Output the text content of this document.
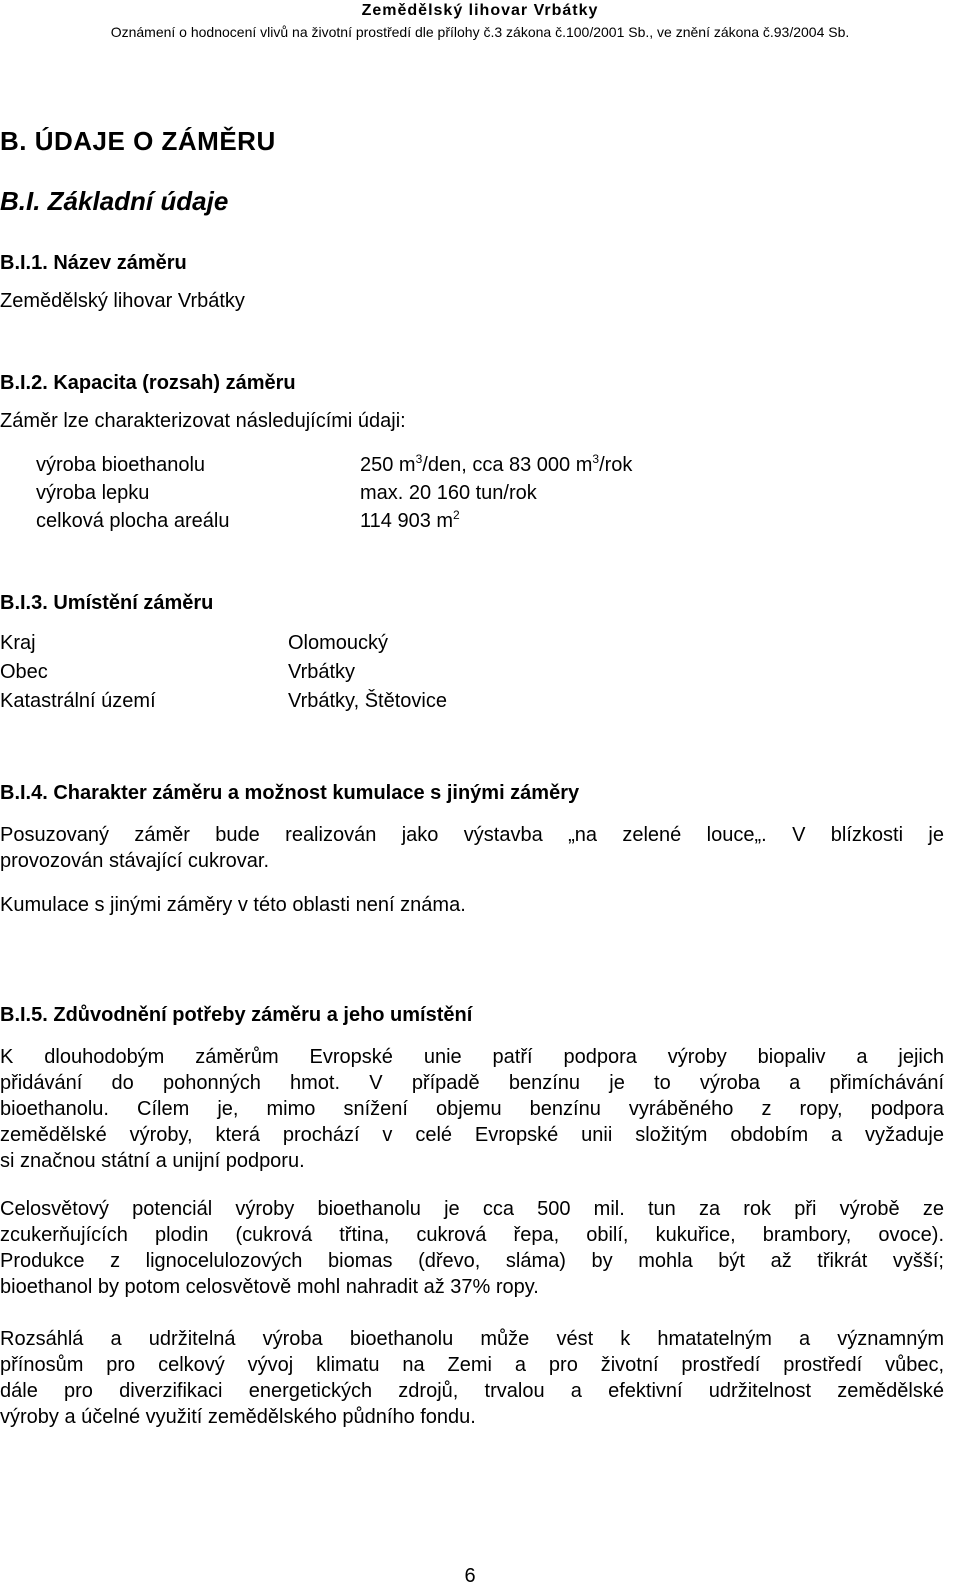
Zemědělský lihovar Vrbátky
Oznámení o hodnocení vlivů na životní prostředí dle přílohy č.3 zákona č.100/2001 Sb., ve znění zákona č.93/2004 Sb.
B. ÚDAJE O ZÁMĚRU
B.I. Základní údaje
B.I.1. Název záměru
Zemědělský lihovar Vrbátky
B.I.2. Kapacita (rozsah) záměru
Záměr lze charakterizovat následujícími údaji:
výroba bioethanolu	250 $m^3$/den, cca 83 000 $m^3$/rok
výroba lepku	max. 20 160 tun/rok
celková plocha areálu	114 903 $m^2$
B.I.3. Umístění záměru
Kraj	Olomoucký
Obec	Vrbátky
Katastrální území	Vrbátky, Štětovice
B.I.4. Charakter záměru a možnost kumulace s jinými záměry
Posuzovaný záměr bude realizován jako výstavba „na zelené louce„. V blízkosti je
provozován stávající cukrovar.
Kumulace s jinými záměry v této oblasti není známa.
B.I.5. Zdůvodnění potřeby záměru a jeho umístění
K dlouhodobým záměrům Evropské unie patří podpora výroby biopaliv a jejich
přidávání do pohonných hmot. V případě benzínu je to výroba a přimíchávání
bioethanolu. Cílem je, mimo snížení objemu benzínu vyráběného z ropy, podpora
zemědělské výroby, která prochází v celé Evropské unii složitým obdobím a vyžaduje
si značnou státní a unijní podporu.
Celosvětový potenciál výroby bioethanolu je cca 500 mil. tun za rok při výrobě ze
zcukerňujících plodin (cukrová třtina, cukrová řepa, obilí, kukuřice, brambory, ovoce).
Produkce z lignocelulozových biomas (dřevo, sláma) by mohla být až třikrát vyšší;
bioethanol by potom celosvětově mohl nahradit až 37% ropy.
Rozsáhlá a udržitelná výroba bioethanolu může vést k hmatatelným a významným
přínosům pro celkový vývoj klimatu na Zemi a pro životní prostředí prostředí vůbec,
dále pro diverzifikaci energetických zdrojů, trvalou a efektivní udržitelnost zemědělské
výroby a účelné využití zemědělského půdního fondu.
6
